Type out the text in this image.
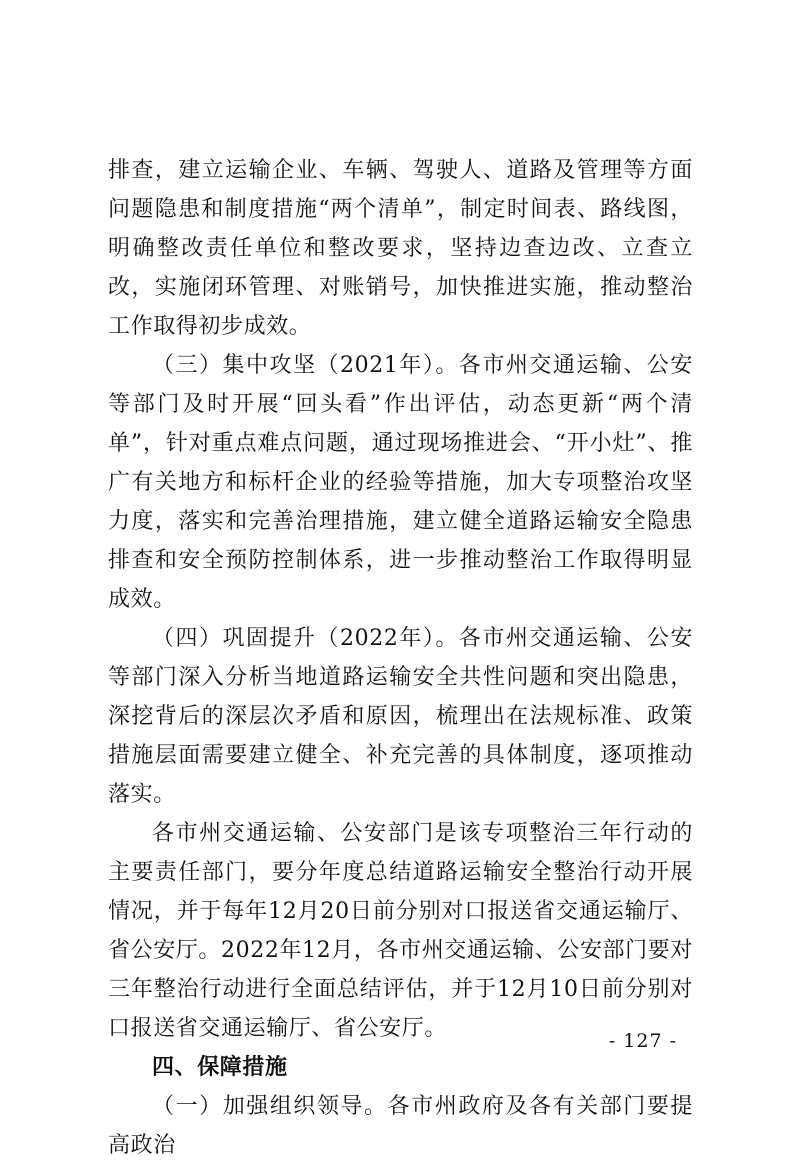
排查，建立运输企业、车辆、驾驶人、道路及管理等方面问题隐患和制度措施“两个清单”，制定时间表、路线图，明确整改责任单位和整改要求，坚持边查边改、立查立改，实施闭环管理、对账销号，加快推进实施，推动整治工作取得初步成效。

（三）集中攻坚（2021年）。各市州交通运输、公安等部门及时开展“回头看”作出评估，动态更新“两个清单”，针对重点难点问题，通过现场推进会、“开小灶”、推广有关地方和标杆企业的经验等措施，加大专项整治攻坚力度，落实和完善治理措施，建立健全道路运输安全隐患排查和安全预防控制体系，进一步推动整治工作取得明显成效。

（四）巩固提升（2022年）。各市州交通运输、公安等部门深入分析当地道路运输安全共性问题和突出隐患，深挖背后的深层次矛盾和原因，梳理出在法规标准、政策措施层面需要建立健全、补充完善的具体制度，逐项推动落实。

各市州交通运输、公安部门是该专项整治三年行动的主要责任部门，要分年度总结道路运输安全整治行动开展情况，并于每年12月20日前分别对口报送省交通运输厅、省公安厅。2022年12月，各市州交通运输、公安部门要对三年整治行动进行全面总结评估，并于12月10日前分别对口报送省交通运输厅、省公安厅。

四、保障措施

（一）加强组织领导。各市州政府及各有关部门要提高政治

- 127 -
